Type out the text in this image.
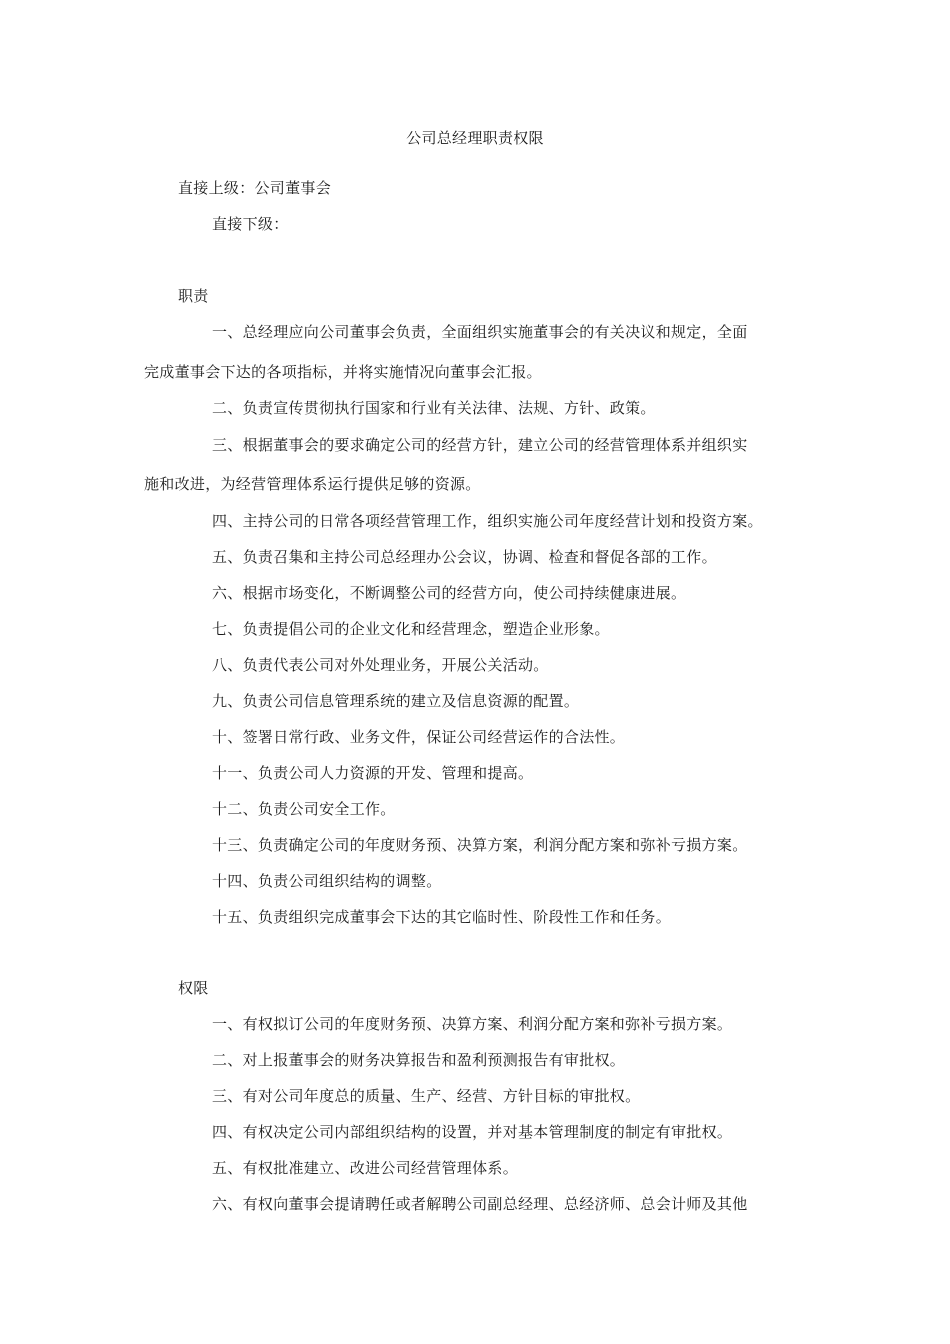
公司总经理职责权限
直接上级：公司董事会
直接下级：
职责
一、总经理应向公司董事会负责，全面组织实施董事会的有关决议和规定，全面
完成董事会下达的各项指标，并将实施情况向董事会汇报。
二、负责宣传贯彻执行国家和行业有关法律、法规、方针、政策。
三、根据董事会的要求确定公司的经营方针，建立公司的经营管理体系并组织实
施和改进，为经营管理体系运行提供足够的资源。
四、主持公司的日常各项经营管理工作，组织实施公司年度经营计划和投资方案。
五、负责召集和主持公司总经理办公会议，协调、检查和督促各部的工作。
六、根据市场变化，不断调整公司的经营方向，使公司持续健康进展。
七、负责提倡公司的企业文化和经营理念，塑造企业形象。
八、负责代表公司对外处理业务，开展公关活动。
九、负责公司信息管理系统的建立及信息资源的配置。
十、签署日常行政、业务文件，保证公司经营运作的合法性。
十一、负责公司人力资源的开发、管理和提高。
十二、负责公司安全工作。
十三、负责确定公司的年度财务预、决算方案，利润分配方案和弥补亏损方案。
十四、负责公司组织结构的调整。
十五、负责组织完成董事会下达的其它临时性、阶段性工作和任务。
权限
一、有权拟订公司的年度财务预、决算方案、利润分配方案和弥补亏损方案。
二、对上报董事会的财务决算报告和盈利预测报告有审批权。
三、有对公司年度总的质量、生产、经营、方针目标的审批权。
四、有权决定公司内部组织结构的设置，并对基本管理制度的制定有审批权。
五、有权批准建立、改进公司经营管理体系。
六、有权向董事会提请聘任或者解聘公司副总经理、总经济师、总会计师及其他
